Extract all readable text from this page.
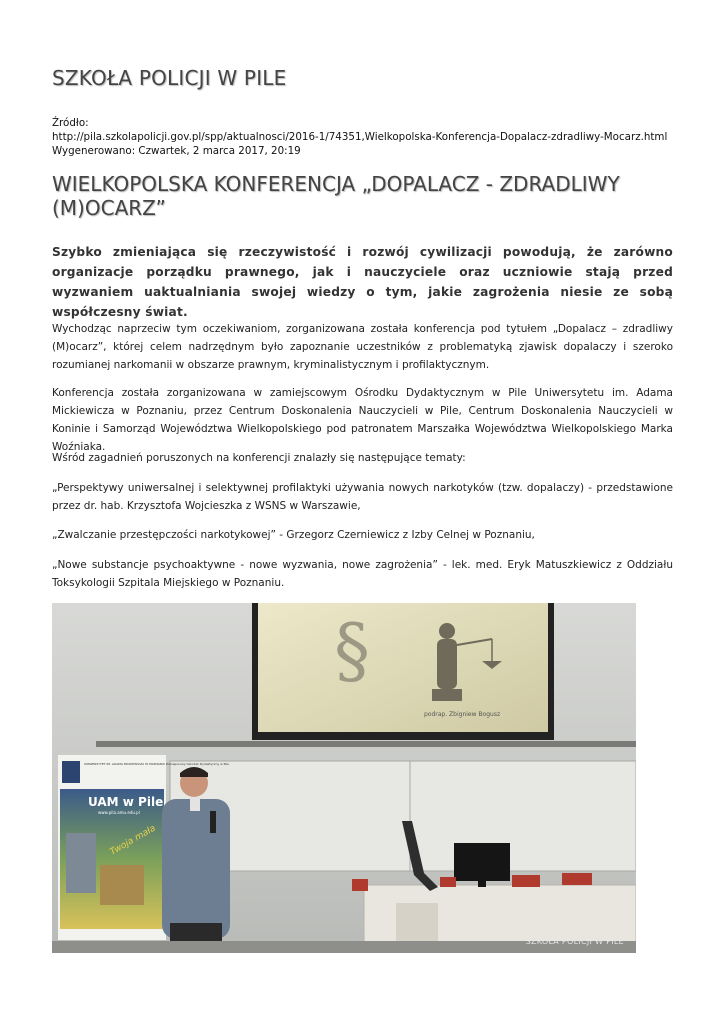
SZKOŁA POLICJI W PILE
Źródło:
http://pila.szkolapolicji.gov.pl/spp/aktualnosci/2016-1/74351,Wielkopolska-Konferencja-Dopalacz-zdradliwy-Mocarz.html
Wygenerowano: Czwartek, 2 marca 2017, 20:19
WIELKOPOLSKA KONFERENCJA „DOPALACZ - ZDRADLIWY (M)OCARZ”

Szybko zmieniająca się rzeczywistość i rozwój cywilizacji powodują, że zarówno organizacje porządku prawnego, jak i nauczyciele oraz uczniowie stają przed wyzwaniem uaktualniania swojej wiedzy o tym, jakie zagrożenia niesie ze sobą współczesny świat.

Wychodząc naprzeciw tym oczekiwaniom, zorganizowana została konferencja pod tytułem „Dopalacz – zdradliwy (M)ocarz”, której celem nadrzędnym było zapoznanie uczestników z problematyką zjawisk dopalaczy i szeroko rozumianej narkomanii w obszarze prawnym, kryminalistycznym i profilaktycznym.

Konferencja została zorganizowana w zamiejscowym Ośrodku Dydaktycznym w Pile Uniwersytetu im. Adama Mickiewicza w Poznaniu, przez Centrum Doskonalenia Nauczycieli w Pile, Centrum Doskonalenia Nauczycieli w Koninie i Samorząd Województwa Wielkopolskiego pod patronatem Marszałka Województwa Wielkopolskiego Marka Woźniaka.

Wśród zagadnień poruszonych na konferencji znalazły się następujące tematy:

„Perspektywy uniwersalnej i selektywnej profilaktyki używania nowych narkotyków (tzw. dopalaczy) - przedstawione przez dr. hab. Krzysztofa Wojcieszka z WSNS w Warszawie,

„Zwalczanie przestępczości narkotykowej” - Grzegorz Czerniewicz z Izby Celnej w Poznaniu,

„Nowe substancje psychoaktywne - nowe wyzwania, nowe zagrożenia” - lek. med. Eryk Matuszkiewicz z Oddziału Toksykologii Szpitala Miejskiego w Poznaniu.

§
podrap. Zbigniew Bogusz
UNIWERSYTET IM. ADAMA MICKIEWICZA W POZNANIU Zamiejscowy Ośrodek Dydaktyczny w Pile
UAM w Pile
www.pila.amu.edu.pl
Twoja mała
SZKOŁA POLICJI W PILE
